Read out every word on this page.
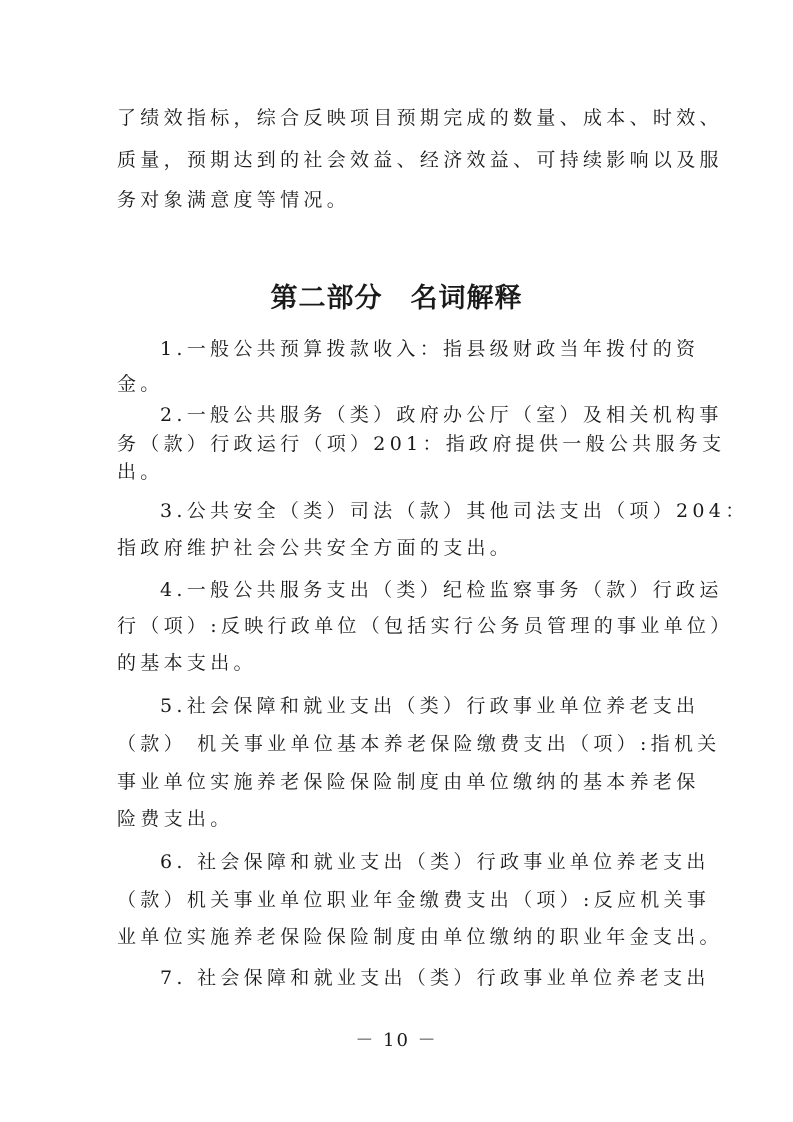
了绩效指标，综合反映项目预期完成的数量、成本、时效、
质量，预期达到的社会效益、经济效益、可持续影响以及服
务对象满意度等情况。
第二部分　名词解释
1.一般公共预算拨款收入：指县级财政当年拨付的资
金。
2.一般公共服务（类）政府办公厅（室）及相关机构事
务（款）行政运行（项）201：指政府提供一般公共服务支
出。
3.公共安全（类）司法（款）其他司法支出（项）204：
指政府维护社会公共安全方面的支出。
4.一般公共服务支出（类）纪检监察事务（款）行政运
行（项）:反映行政单位（包括实行公务员管理的事业单位）
的基本支出。
5.社会保障和就业支出（类）行政事业单位养老支出
（款） 机关事业单位基本养老保险缴费支出（项）:指机关
事业单位实施养老保险保险制度由单位缴纳的基本养老保
险费支出。
6. 社会保障和就业支出（类）行政事业单位养老支出
（款）机关事业单位职业年金缴费支出（项）:反应机关事
业单位实施养老保险保险制度由单位缴纳的职业年金支出。
7. 社会保障和就业支出（类）行政事业单位养老支出
－ 10 －
